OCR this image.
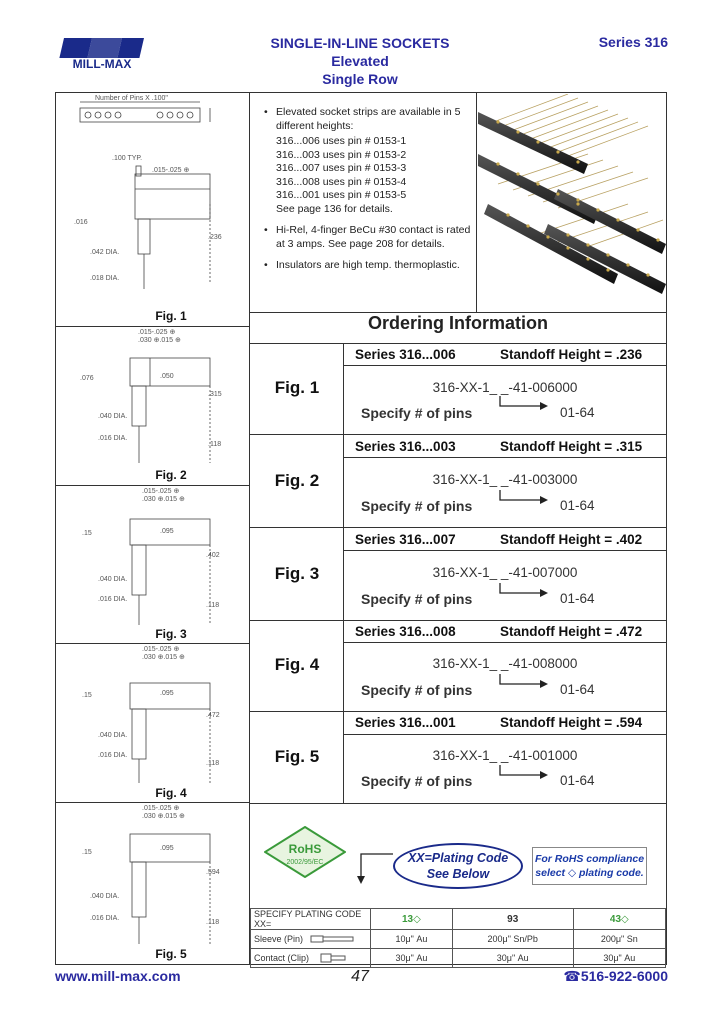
MILL-MAX
SINGLE-IN-LINE SOCKETS
Elevated
Single Row
Series 316
Number of Pins X .100"
.100 TYP.
.015-.025 ⊕
.016
.236
.042 DIA.
.018 DIA.
Fig. 1
.015-.025 ⊕
.030 ⊕.015 ⊕
.076	.050
.315
.040 DIA.
.016 DIA.
.118
Fig. 2
.015-.025 ⊕
.030 ⊕.015 ⊕
.15	.095
.402
.040 DIA.
.016 DIA.
.118
Fig. 3
.015-.025 ⊕
.030 ⊕.015 ⊕
.15	.095
.472
.040 DIA.
.016 DIA.
.118
Fig. 4
.015-.025 ⊕
.030 ⊕.015 ⊕
.15
.095
.594
.040 DIA.
.016 DIA.
.118
Fig. 5
• Elevated socket strips are available in 5 different heights:
316...006 uses pin # 0153-1
316...003 uses pin # 0153-2
316...007 uses pin # 0153-3
316...008 uses pin # 0153-4
316...001 uses pin # 0153-5
See page 136 for details.
• Hi-Rel, 4-finger BeCu #30 contact is rated at 3 amps. See page 208 for details.
• Insulators are high temp. thermoplastic.
Ordering Information
Fig. 1
Series 316...006	Standoff Height = .236
316-XX-1_ _-41-006000
Specify # of pins	01-64
Fig. 2
Series 316...003	Standoff Height = .315
316-XX-1_ _-41-003000
Specify # of pins	01-64
Fig. 3
Series 316...007	Standoff Height = .402
316-XX-1_ _-41-007000
Specify # of pins	01-64
Fig. 4
Series 316...008	Standoff Height = .472
316-XX-1_ _-41-008000
Specify # of pins	01-64
Fig. 5
Series 316...001	Standoff Height = .594
316-XX-1_ _-41-001000
Specify # of pins	01-64
RoHS
2002/95/EC	XX=Plating Code
See Below
For RoHS compliance
select ◇ plating code.
SPECIFY PLATING CODE XX=	13◇	93	43◇
Sleeve (Pin)	10μ" Au	200μ" Sn/Pb	200μ" Sn
Contact (Clip)	30μ" Au	30μ" Au	30μ" Au
www.mill-max.com	47	☎516-922-6000
